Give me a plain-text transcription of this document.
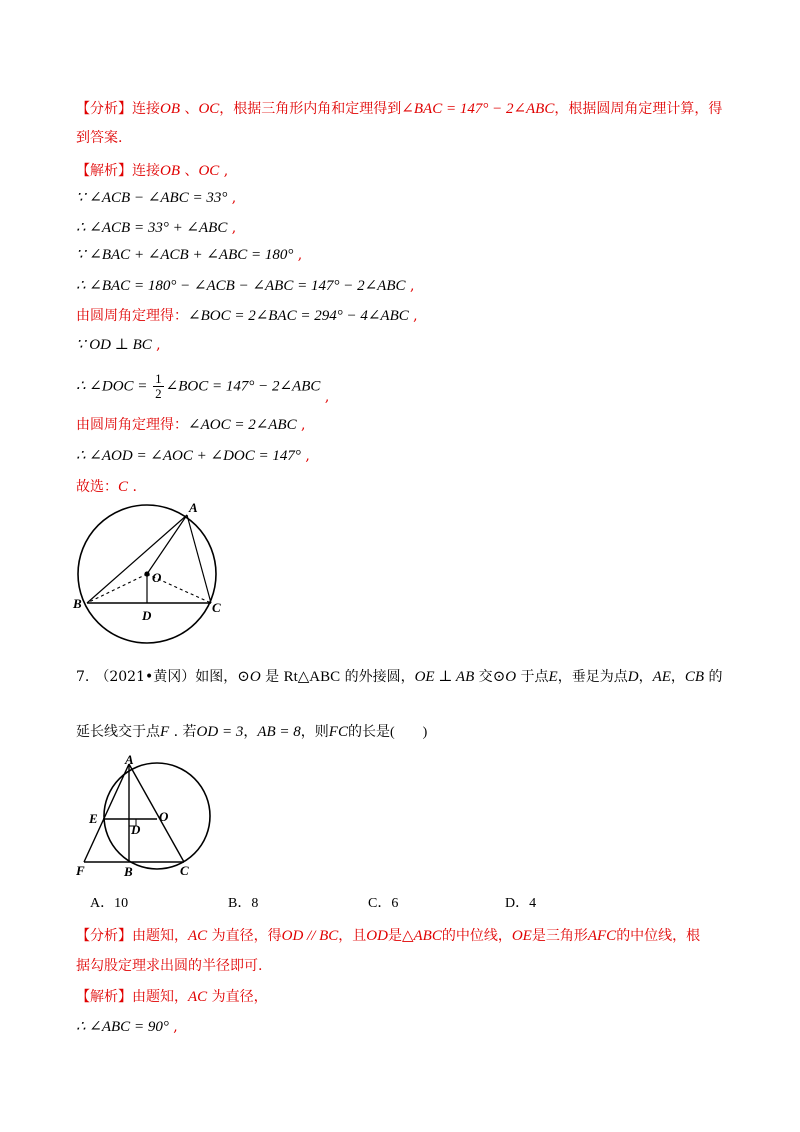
【分析】连接OB 、OC，根据三角形内角和定理得到∠BAC = 147° − 2∠ABC，根据圆周角定理计算，得
到答案.
【解析】连接OB 、OC ,
∵ ∠ACB − ∠ABC = 33° ,
∴ ∠ACB = 33° + ∠ABC ,
∵ ∠BAC + ∠ACB + ∠ABC = 180° ,
∴ ∠BAC = 180° − ∠ACB − ∠ABC = 147° − 2∠ABC ,
由圆周角定理得：∠BOC = 2∠BAC = 294° − 4∠ABC ,
∵ OD ⊥ BC ,
∴ ∠DOC = $\frac{1}{2}$ ∠BOC = 147° − 2∠ABC ,
由圆周角定理得：∠AOC = 2∠ABC ,
∴ ∠AOD = ∠AOC + ∠DOC = 147° ,
故选：C .
A
B	C
D
O
7. （2021•黄冈）如图，⊙O 是 Rt△ABC 的外接圆，OE ⊥ AB 交⊙O 于点E，垂足为点D，AE，CB 的
延长线交于点F . 若OD = 3，AB = 8，则FC的长是(　　)
A
E
D
O
F	B	C
A．10	B．8	C．6	D．4
【分析】由题知，AC 为直径，得OD // BC，且OD是△ABC的中位线，OE是三角形AFC的中位线，根
据勾股定理求出圆的半径即可.
【解析】由题知，AC 为直径，
∴ ∠ABC = 90° ,
